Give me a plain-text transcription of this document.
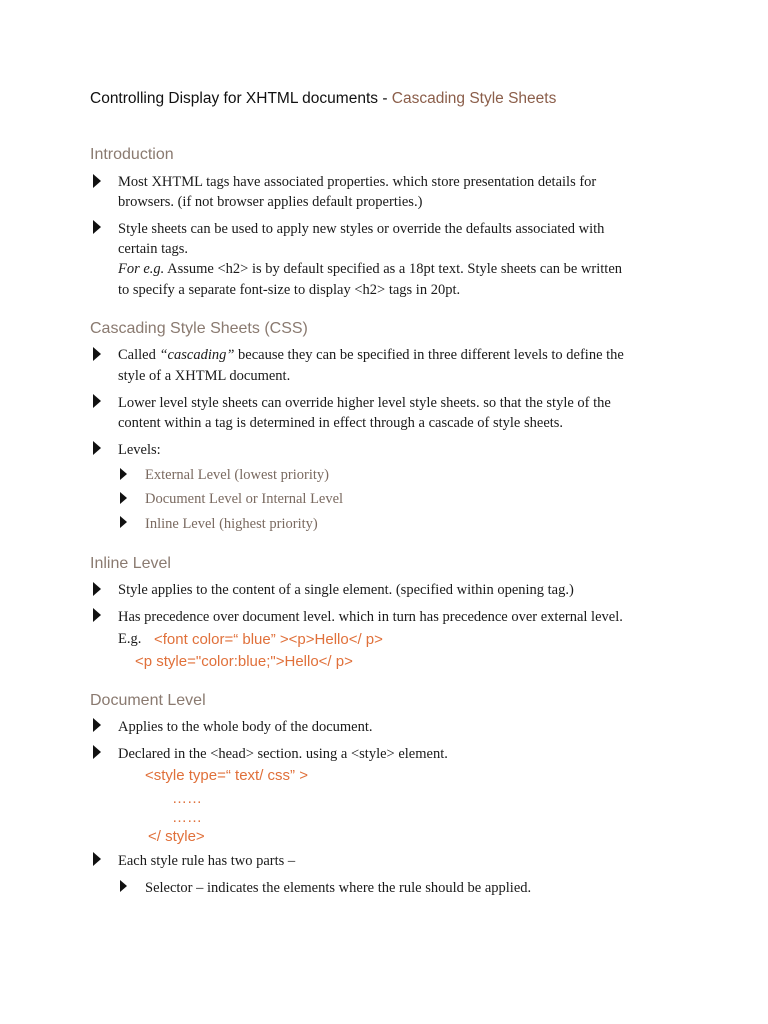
Controlling Display for XHTML documents - Cascading Style Sheets
Introduction
Most XHTML tags have associated properties. which store presentation details for
browsers. (if not browser applies default properties.)
Style sheets can be used to apply new styles or override the defaults associated with
certain tags.
For e.g. Assume <h2> is by default specified as a 18pt text. Style sheets can be written
to specify a separate font-size to display <h2> tags in 20pt.
Cascading Style Sheets (CSS)
Called “cascading” because they can be specified in three different levels to define the
style of a XHTML document.
Lower level style sheets can override higher level style sheets. so that the style of the
content within a tag is determined in effect through a cascade of style sheets.
Levels:
External Level (lowest priority)
Document Level or Internal Level
Inline Level (highest priority)
Inline Level
Style applies to the content of a single element. (specified within opening tag.)
Has precedence over document level. which in turn has precedence over external level.
E.g. <font color=“ blue” ><p>Hello</ p>
<p style="color:blue;">Hello</ p>
Document Level
Applies to the whole body of the document.
Declared in the <head> section. using a <style> element.
<style type=“ text/ css” >
……
……
</ style>
Each style rule has two parts –
Selector – indicates the elements where the rule should be applied.
